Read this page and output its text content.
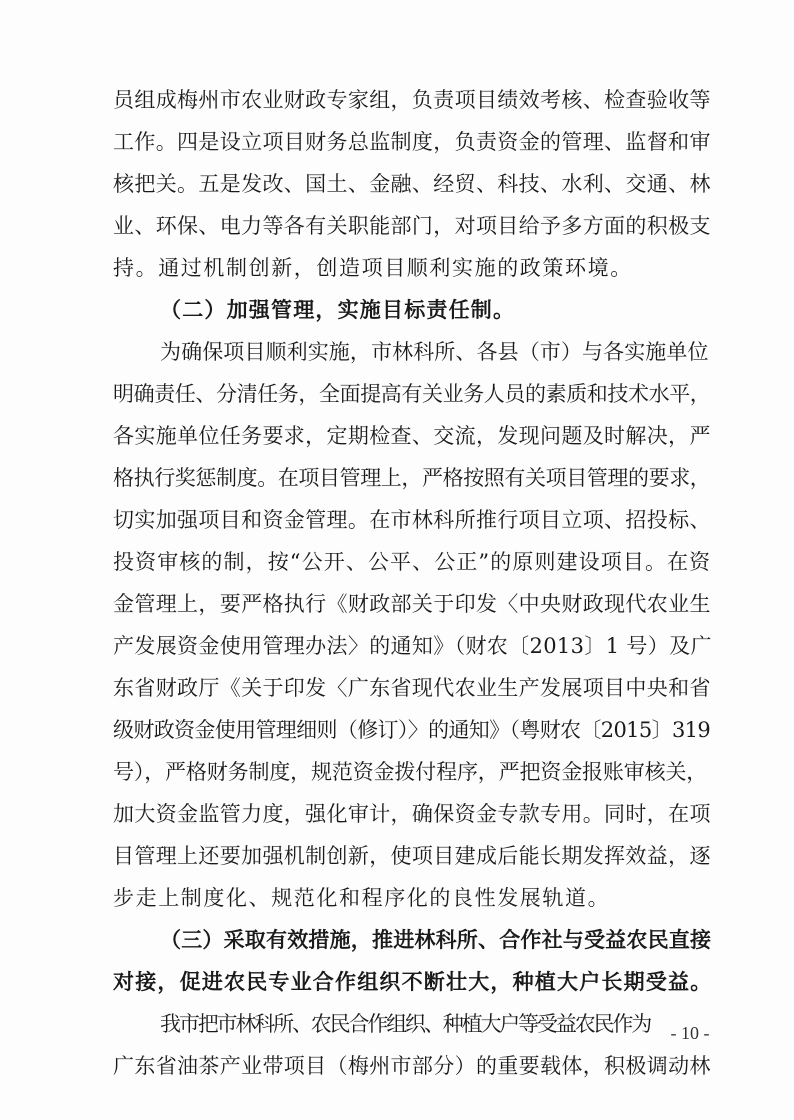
员组成梅州市农业财政专家组，负责项目绩效考核、检查验收等
工作。四是设立项目财务总监制度，负责资金的管理、监督和审
核把关。五是发改、国土、金融、经贸、科技、水利、交通、林
业、环保、电力等各有关职能部门，对项目给予多方面的积极支
持。通过机制创新，创造项目顺利实施的政策环境。
（二）加强管理，实施目标责任制。
为确保项目顺利实施，市林科所、各县（市）与各实施单位
明确责任、分清任务，全面提高有关业务人员的素质和技术水平，
各实施单位任务要求，定期检查、交流，发现问题及时解决，严
格执行奖惩制度。在项目管理上，严格按照有关项目管理的要求，
切实加强项目和资金管理。在市林科所推行项目立项、招投标、
投资审核的制，按“公开、公平、公正”的原则建设项目。在资
金管理上，要严格执行《财政部关于印发〈中央财政现代农业生
产发展资金使用管理办法〉的通知》（财农〔2013〕1 号）及广
东省财政厅《关于印发〈广东省现代农业生产发展项目中央和省
级财政资金使用管理细则（修订）〉的通知》（粤财农〔2015〕319
号），严格财务制度，规范资金拨付程序，严把资金报账审核关，
加大资金监管力度，强化审计，确保资金专款专用。同时，在项
目管理上还要加强机制创新，使项目建成后能长期发挥效益，逐
步走上制度化、规范化和程序化的良性发展轨道。
（三）采取有效措施，推进林科所、合作社与受益农民直接
对接，促进农民专业合作组织不断壮大，种植大户长期受益。
我市把市林科所、农民合作组织、种植大户等受益农民作为
广东省油茶产业带项目（梅州市部分）的重要载体，积极调动林
- 10 -
